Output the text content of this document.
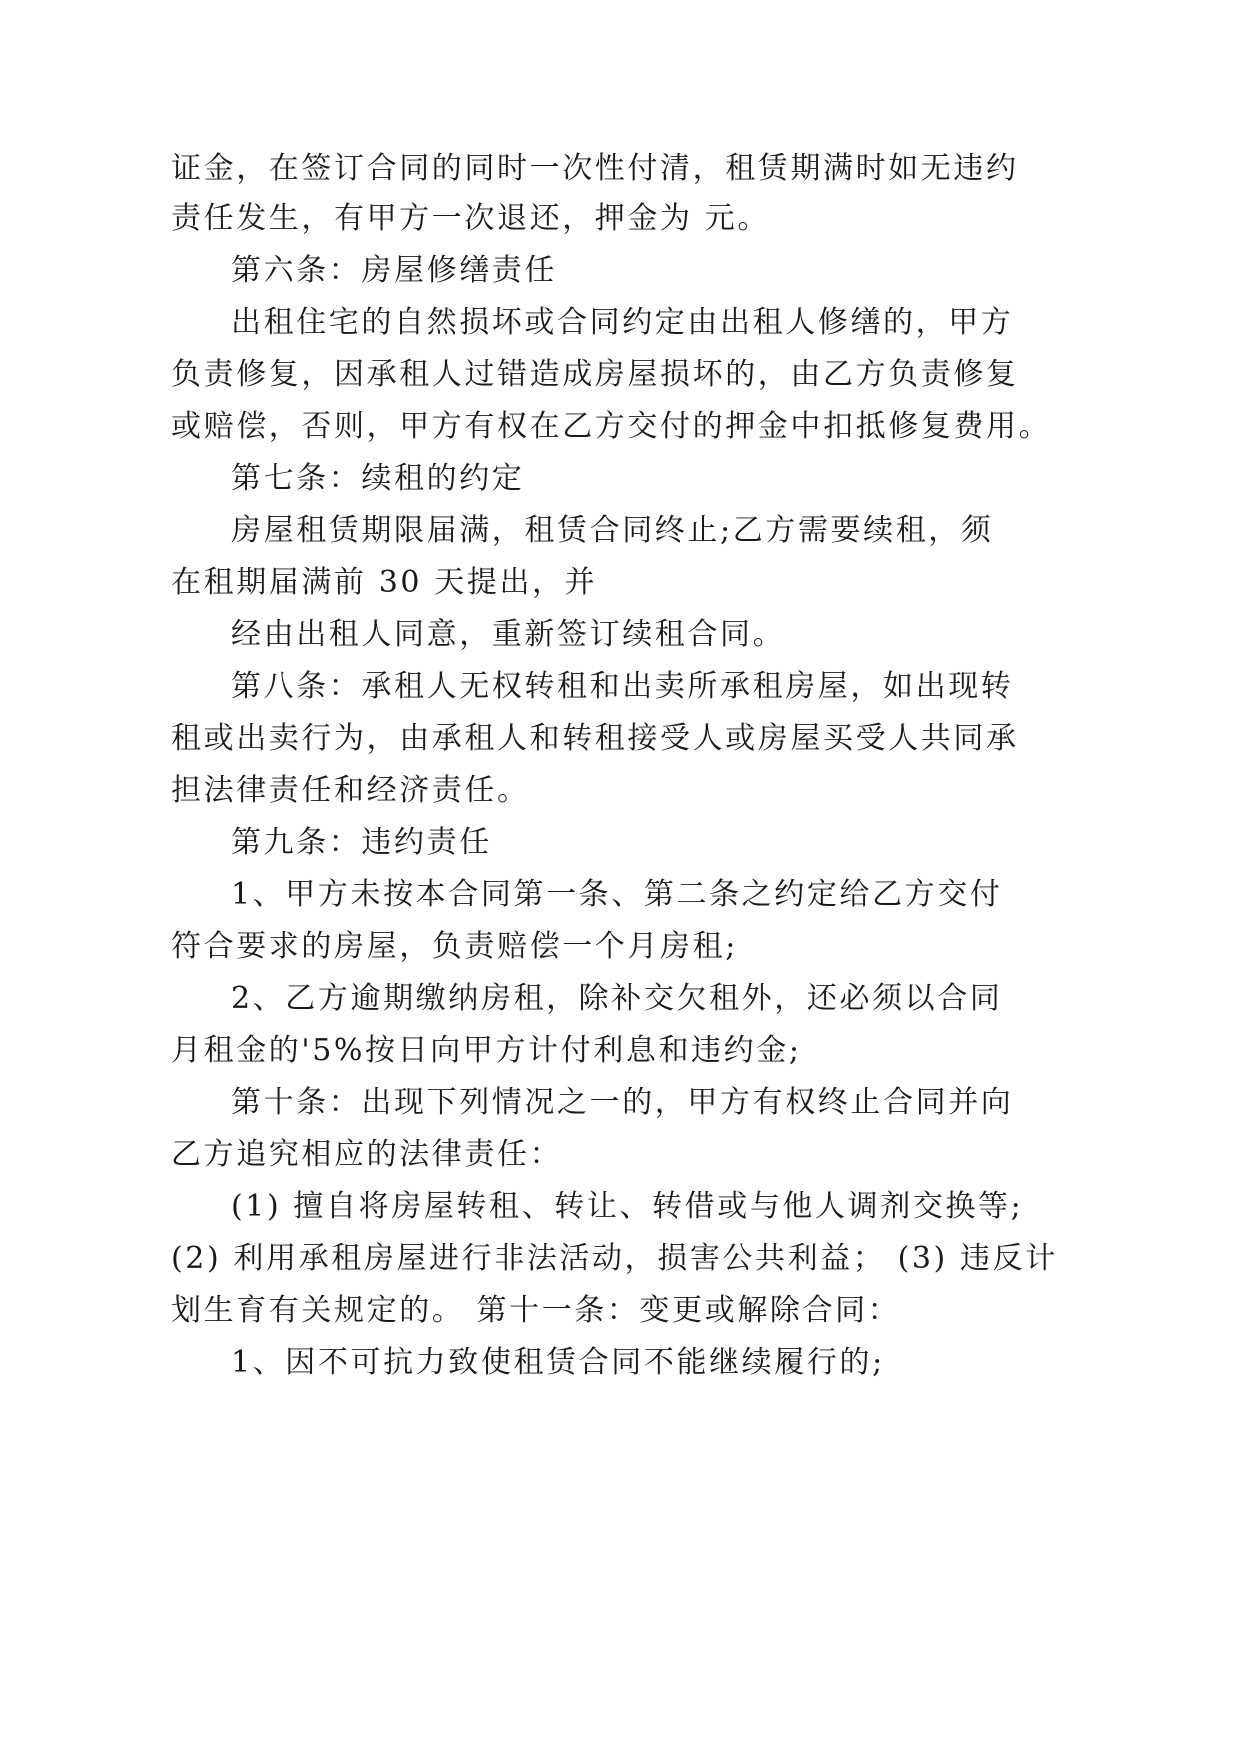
证金，在签订合同的同时一次性付清，租赁期满时如无违约
责任发生，有甲方一次退还，押金为 元。
第六条：房屋修缮责任
出租住宅的自然损坏或合同约定由出租人修缮的，甲方
负责修复，因承租人过错造成房屋损坏的，由乙方负责修复
或赔偿，否则，甲方有权在乙方交付的押金中扣抵修复费用。
第七条：续租的约定
房屋租赁期限届满，租赁合同终止;乙方需要续租，须
在租期届满前 30 天提出，并
经由出租人同意，重新签订续租合同。
第八条：承租人无权转租和出卖所承租房屋，如出现转
租或出卖行为，由承租人和转租接受人或房屋买受人共同承
担法律责任和经济责任。
第九条：违约责任
1、甲方未按本合同第一条、第二条之约定给乙方交付
符合要求的房屋，负责赔偿一个月房租;
2、乙方逾期缴纳房租，除补交欠租外，还必须以合同
月租金的'5%按日向甲方计付利息和违约金;
第十条：出现下列情况之一的，甲方有权终止合同并向
乙方追究相应的法律责任：
(1) 擅自将房屋转租、转让、转借或与他人调剂交换等;
(2) 利用承租房屋进行非法活动，损害公共利益； (3) 违反计
划生育有关规定的。 第十一条：变更或解除合同：
1、因不可抗力致使租赁合同不能继续履行的;
